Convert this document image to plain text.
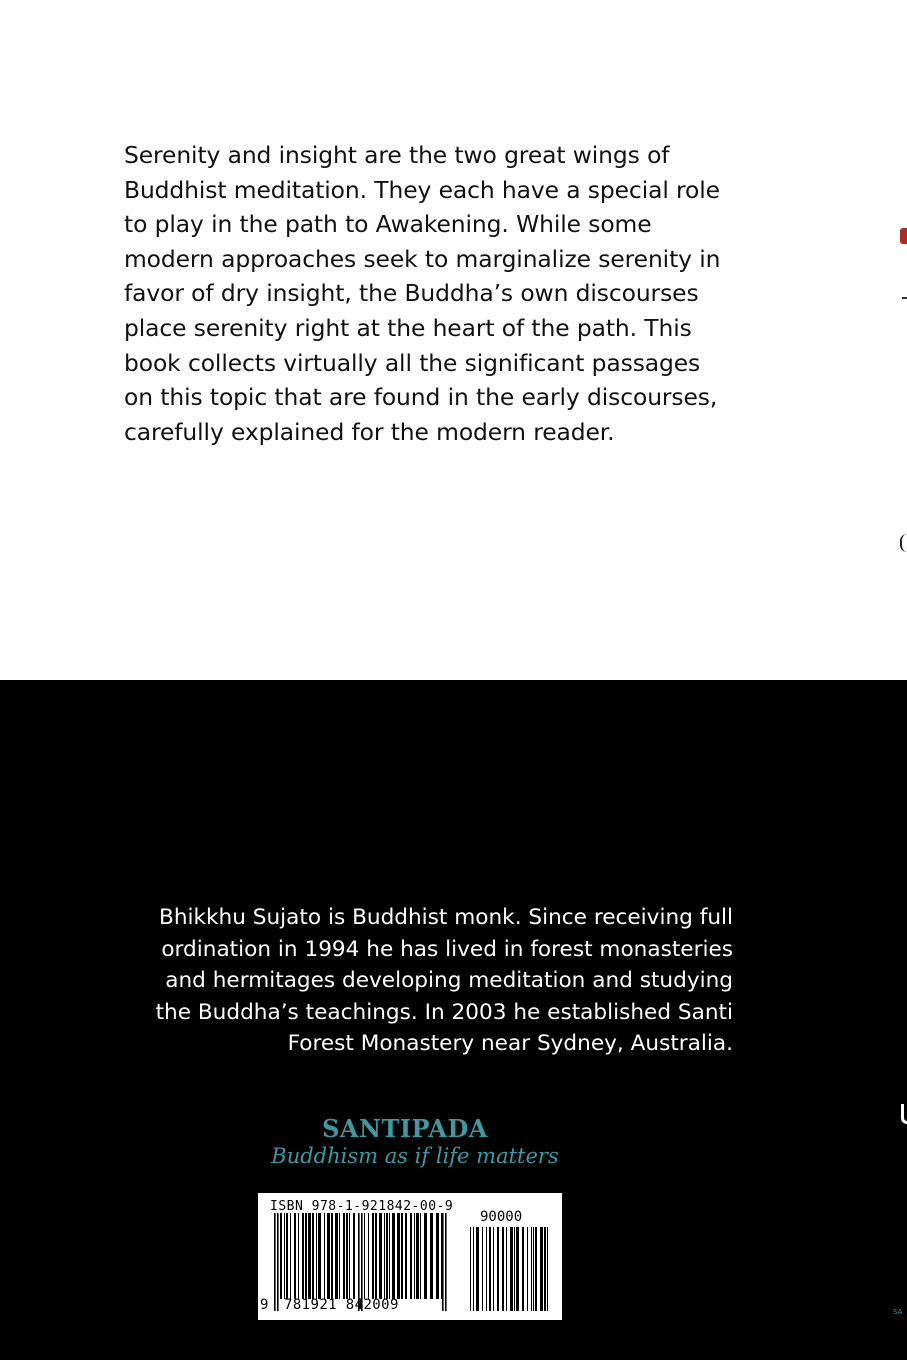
Serenity and insight are the two great wings of
Buddhist meditation. They each have a special role
to play in the path to Awakening. While some
modern approaches seek to marginalize serenity in
favor of dry insight, the Buddha’s own discourses
place serenity right at the heart of the path. This
book collects virtually all the significant passages
on this topic that are found in the early discourses,
carefully explained for the modern reader.

Bhikkhu Sujato is Buddhist monk. Since receiving full
ordination in 1994 he has lived in forest monasteries
and hermitages developing meditation and studying
the Buddha’s teachings. In 2003 he established Santi
Forest Monastery near Sydney, Australia.

SANTIPADA
Buddhism as if life matters
ISBN 978-1-921842-00-9
90000
9 781921 842009	SA
